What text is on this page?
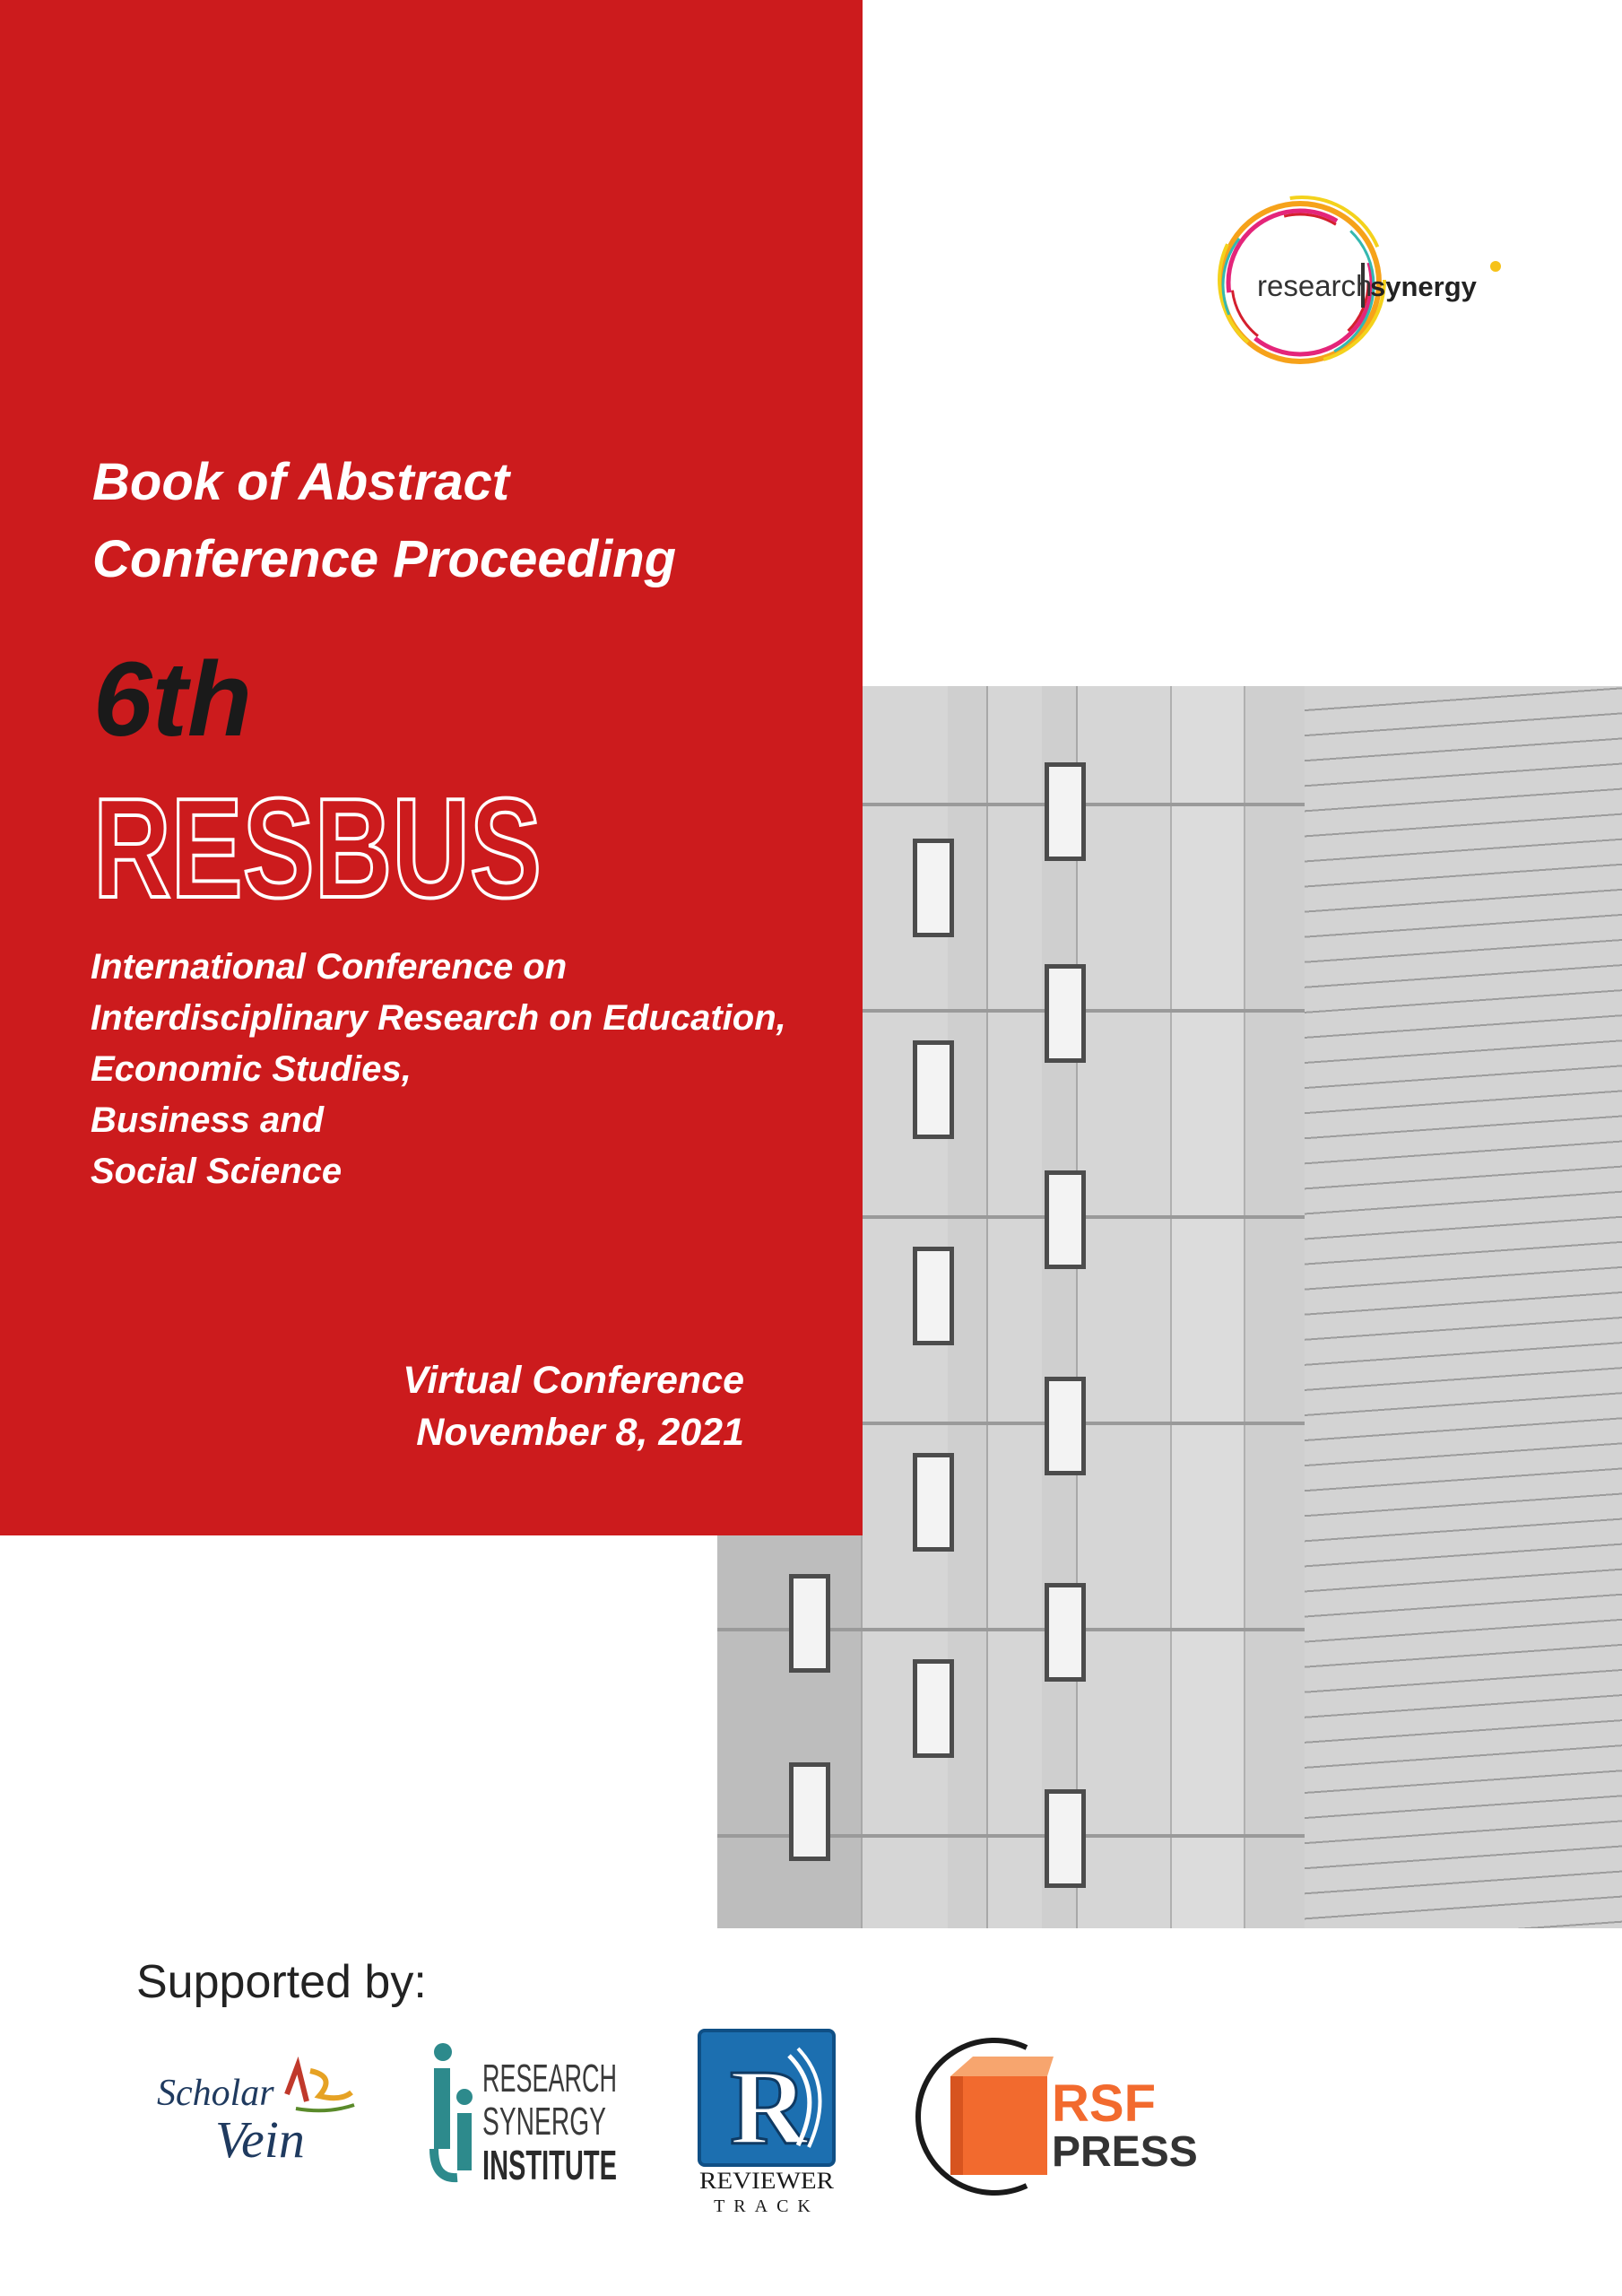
Book of Abstract
Conference Proceeding
6th
RESBUS
International Conference on
Interdisciplinary Research on Education,
Economic Studies,
Business and
Social Science
Virtual Conference
November 8, 2021
research
synergy
Supported by:
Scholar
Vein
RESEARCH
SYNERGY
INSTITUTE R
REVIEWER
TRACK
RSF
PRESS
